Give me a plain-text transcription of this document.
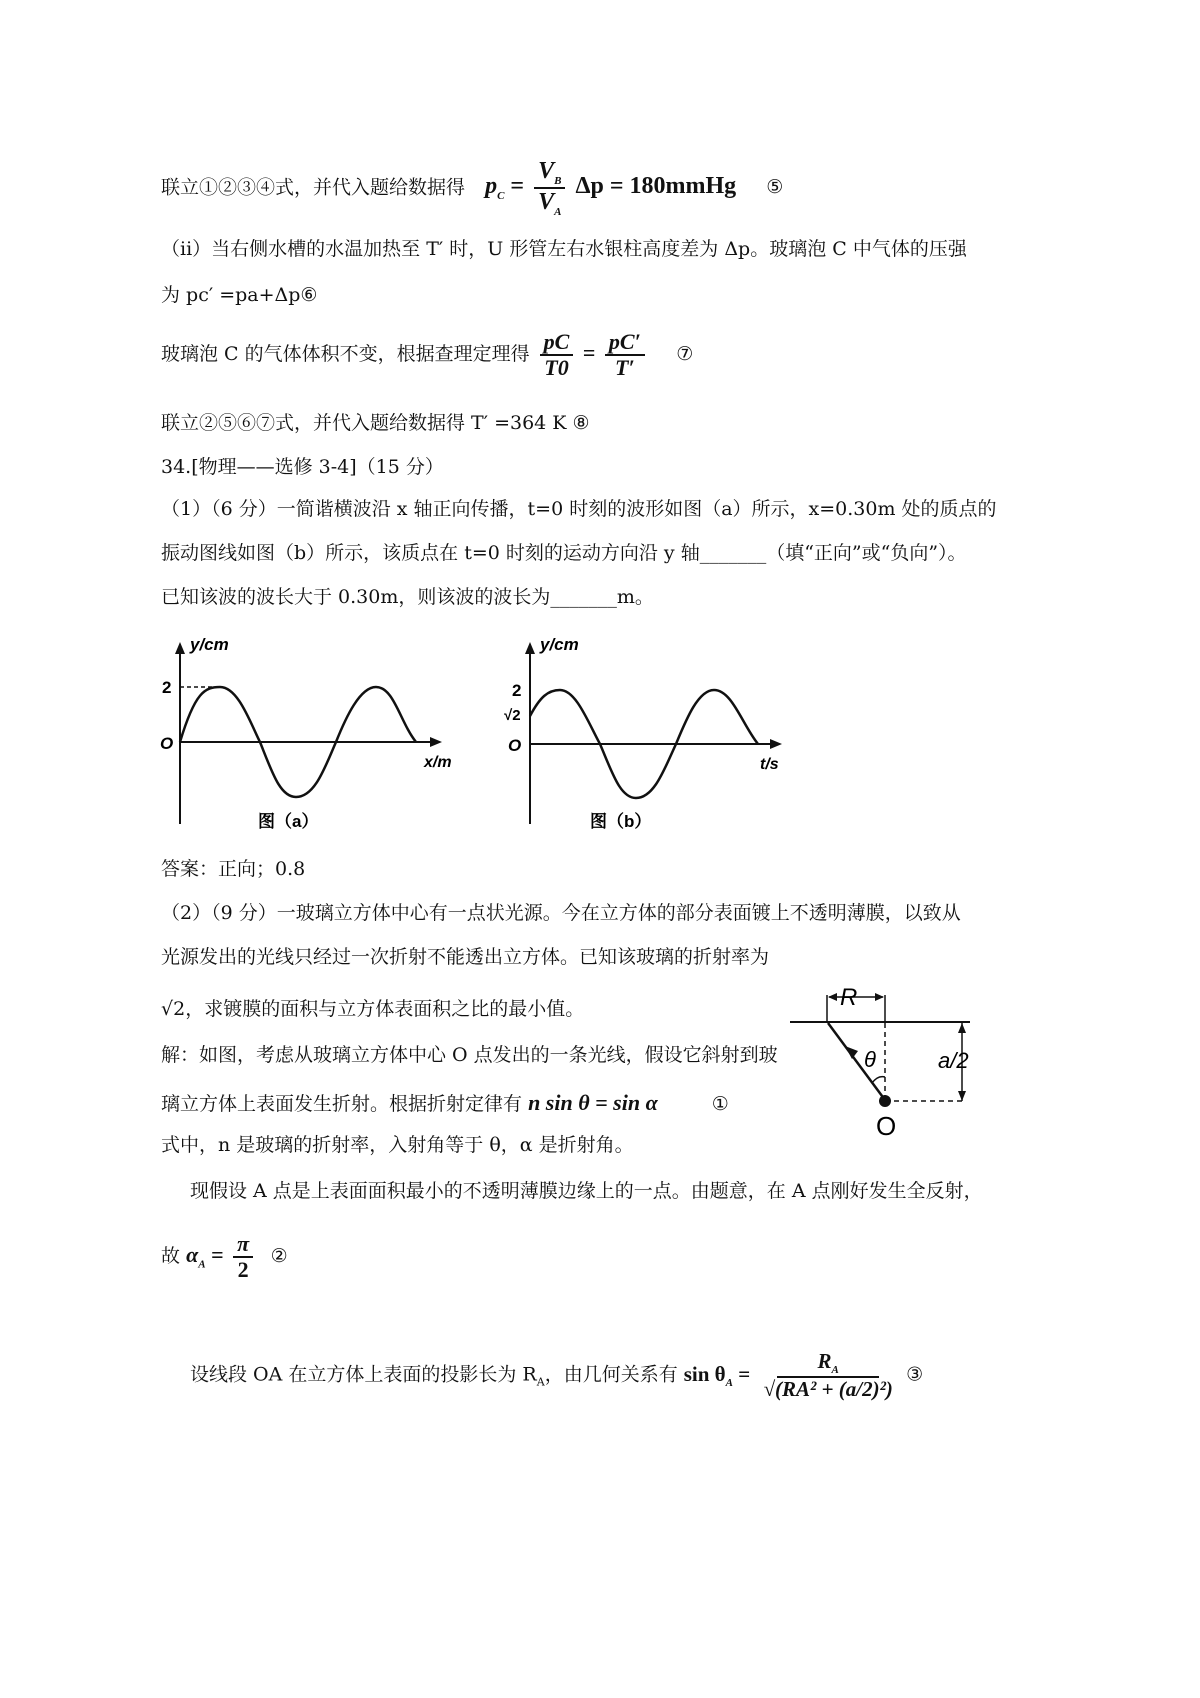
联立①②③④式，并代入题给数据得 $p_C = \frac{V_B}{V_A}$ Δp = 180mmHg ⑤
（ii）当右侧水槽的水温加热至 T′ 时，U 形管左右水银柱高度差为 Δp。玻璃泡 C 中气体的压强
为 pc′ =pa+Δp⑥
玻璃泡 C 的气体体积不变，根据查理定理得 $\frac{pC}{T0} = \frac{pC'}{T'}$ ⑦
联立②⑤⑥⑦式，并代入题给数据得 T′ =364 K ⑧
34.[物理——选修 3-4]（15 分）
（1）（6 分）一简谐横波沿 x 轴正向传播，t=0 时刻的波形如图（a）所示，x=0.30m 处的质点的
振动图线如图（b）所示，该质点在 t=0 时刻的运动方向沿 y 轴_______（填“正向”或“负向”）。
已知该波的波长大于 0.30m，则该波的波长为_______m。
y/cm
2
O
x/m
图（a）
y/cm
2
√2
O
t/s
图（b）
答案：正向；0.8
（2）（9 分）一玻璃立方体中心有一点状光源。今在立方体的部分表面镀上不透明薄膜，以致从
光源发出的光线只经过一次折射不能透出立方体。已知该玻璃的折射率为
√2，求镀膜的面积与立方体表面积之比的最小值。
解：如图，考虑从玻璃立方体中心 O 点发出的一条光线，假设它斜射到玻
璃立方体上表面发生折射。根据折射定律有 n sin θ = sin α	①
式中，n 是玻璃的折射率，入射角等于 θ，α 是折射角。
现假设 A 点是上表面面积最小的不透明薄膜边缘上的一点。由题意，在 A 点刚好发生全反射，
故 $\alpha_A = \frac{\pi}{2}$ ②
设线段 OA 在立方体上表面的投影长为 $R_A$，由几何关系有 $\sin \theta_A = \frac{R_A}{\text{√(RA² + (a/2)²)}}$ ③
R
θ	a/2
O
